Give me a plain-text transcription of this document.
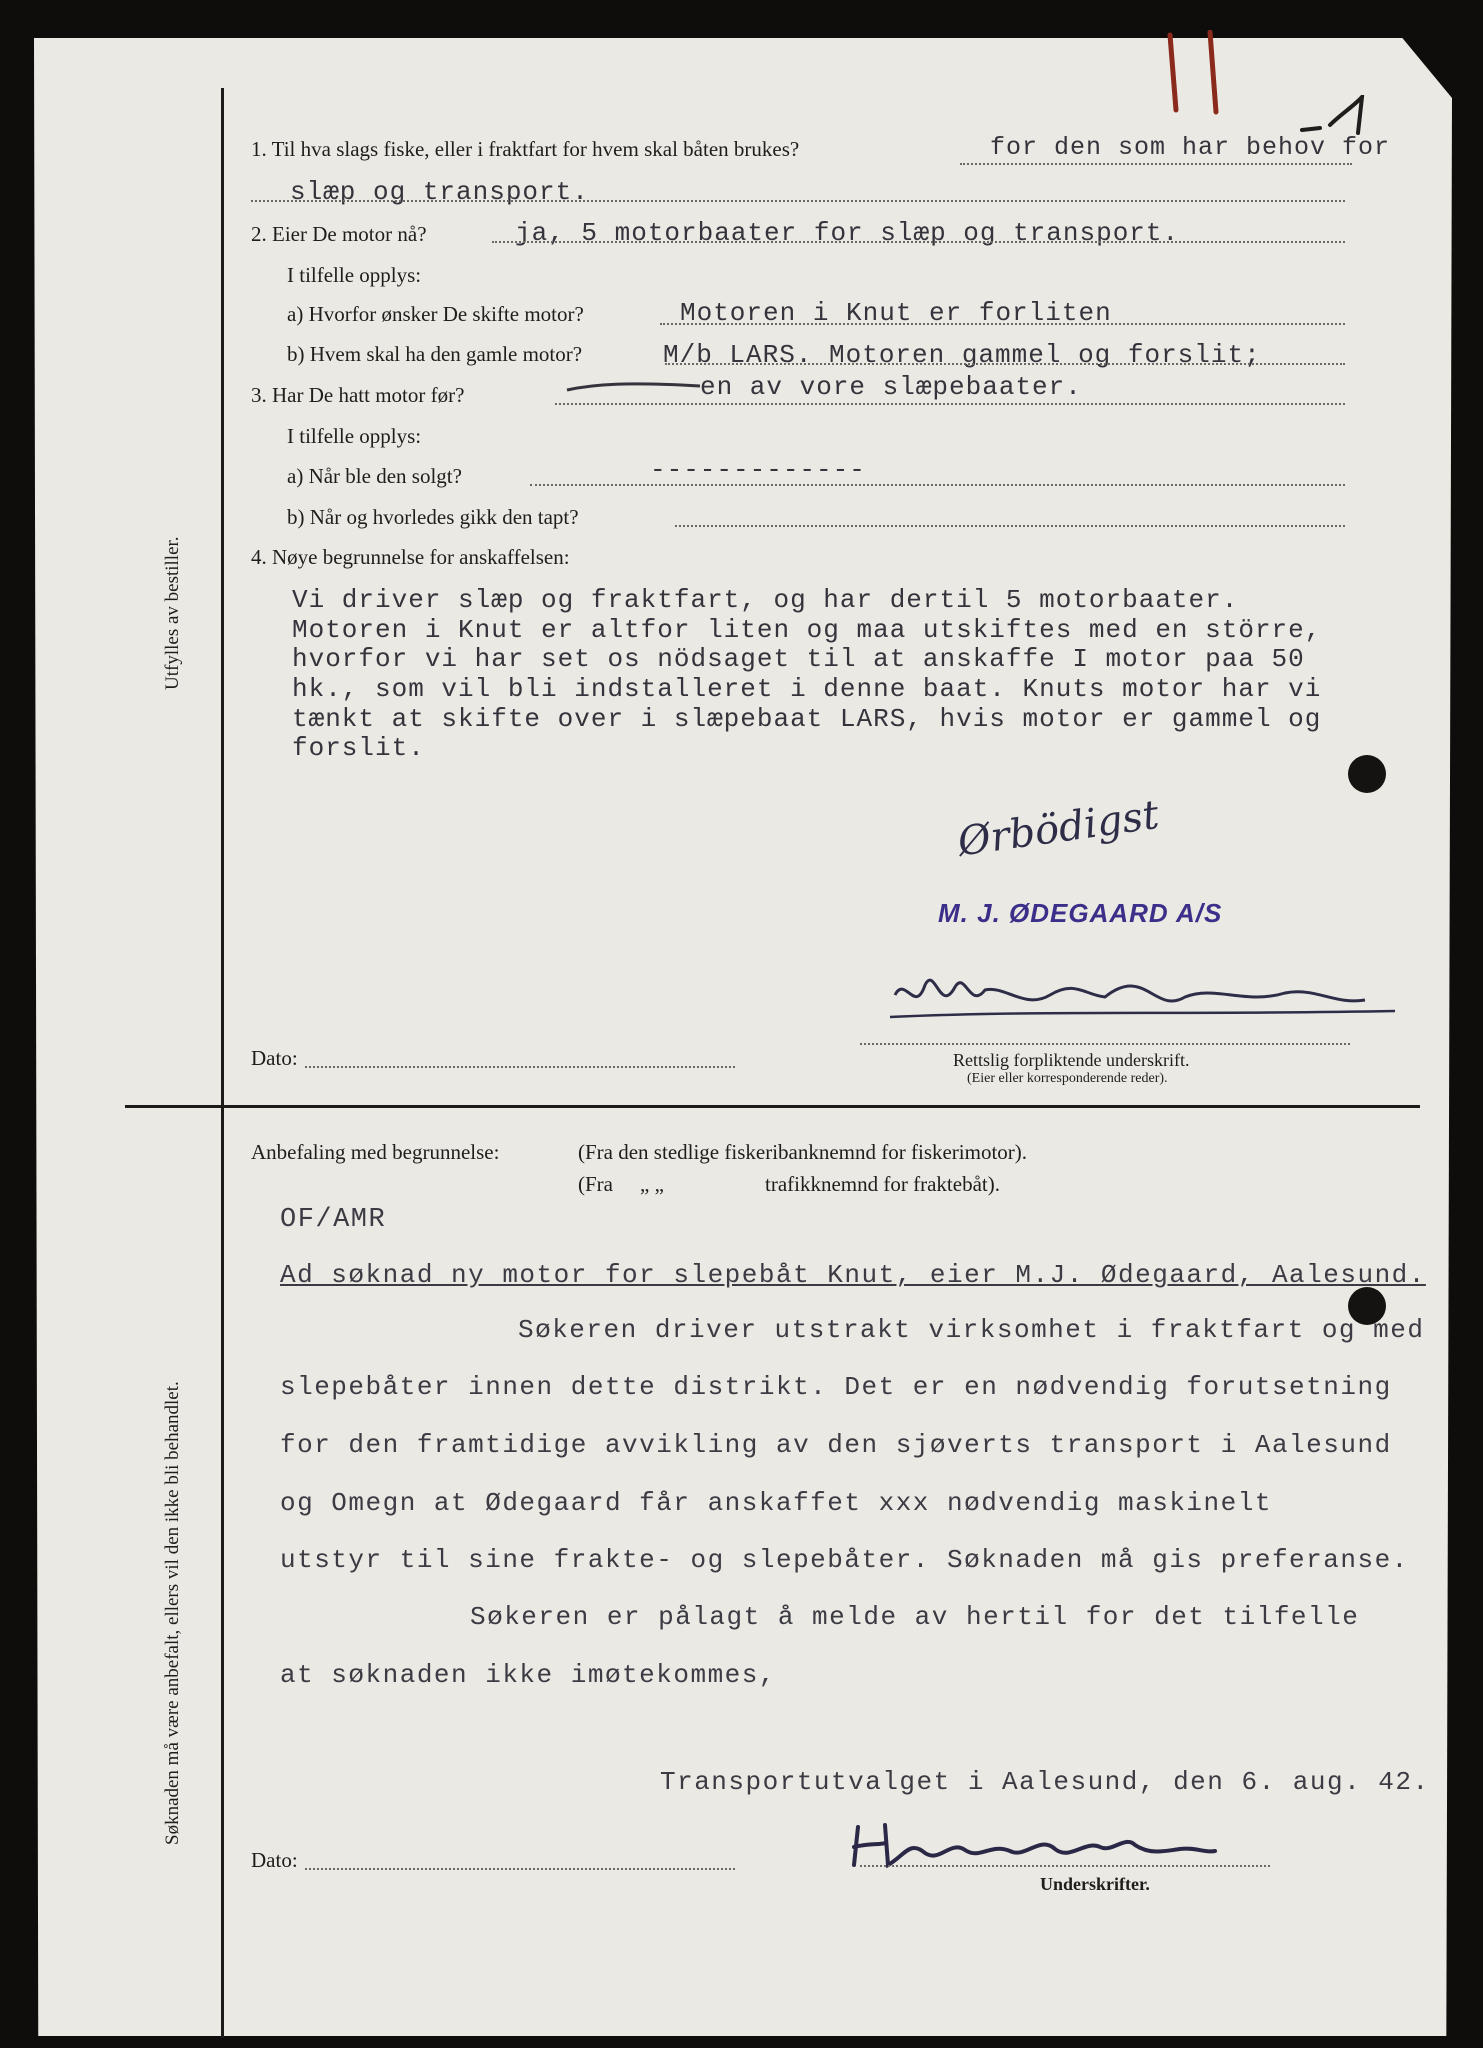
Utfylles av bestiller.
Søknaden må være anbefalt, ellers vil den ikke bli behandlet.
1. Til hva slags fiske, eller i fraktfart for hvem skal båten brukes?	for den som har behov for
slæp og transport.
2. Eier De motor nå?	ja, 5 motorbaater for slæp og transport.
I tilfelle opplys:
a) Hvorfor ønsker De skifte motor?	Motoren i Knut er forliten
b) Hvem skal ha den gamle motor?	M/b LARS. Motoren gammel og forslit;
3. Har De hatt motor før?	en av vore slæpebaater.
I tilfelle opplys:
a) Når ble den solgt?	-------------
b) Når og hvorledes gikk den tapt?
4. Nøye begrunnelse for anskaffelsen:
Vi driver slæp og fraktfart, og har dertil 5 motorbaater.
Motoren i Knut er altfor liten og maa utskiftes med en större,
hvorfor vi har set os nödsaget til at anskaffe I motor paa 50
hk., som vil bli indstalleret i denne baat. Knuts motor har vi
tænkt at skifte over i slæpebaat LARS, hvis motor er gammel og
forslit.
Ørbödigst
M. J. ØDEGAARD A/S
Dato:	Rettslig forpliktende underskrift.
(Eier eller korresponderende reder).
Anbefaling med begrunnelse:	(Fra den stedlige fiskeribanknemnd for fiskerimotor).
(Fra „ „	trafikknemnd for fraktebåt).
OF/AMR
Ad søknad ny motor for slepebåt Knut, eier M.J. Ødegaard, Aalesund.
Søkeren driver utstrakt virksomhet i fraktfart og med
slepebåter innen dette distrikt. Det er en nødvendig forutsetning
for den framtidige avvikling av den sjøverts transport i Aalesund
og Omegn at Ødegaard får anskaffet xxx nødvendig maskinelt
utstyr til sine frakte- og slepebåter. Søknaden må gis preferanse.
Søkeren er pålagt å melde av hertil for det tilfelle
at søknaden ikke imøtekommes,
Transportutvalget i Aalesund, den 6. aug. 42.
Dato:
Underskrifter.
